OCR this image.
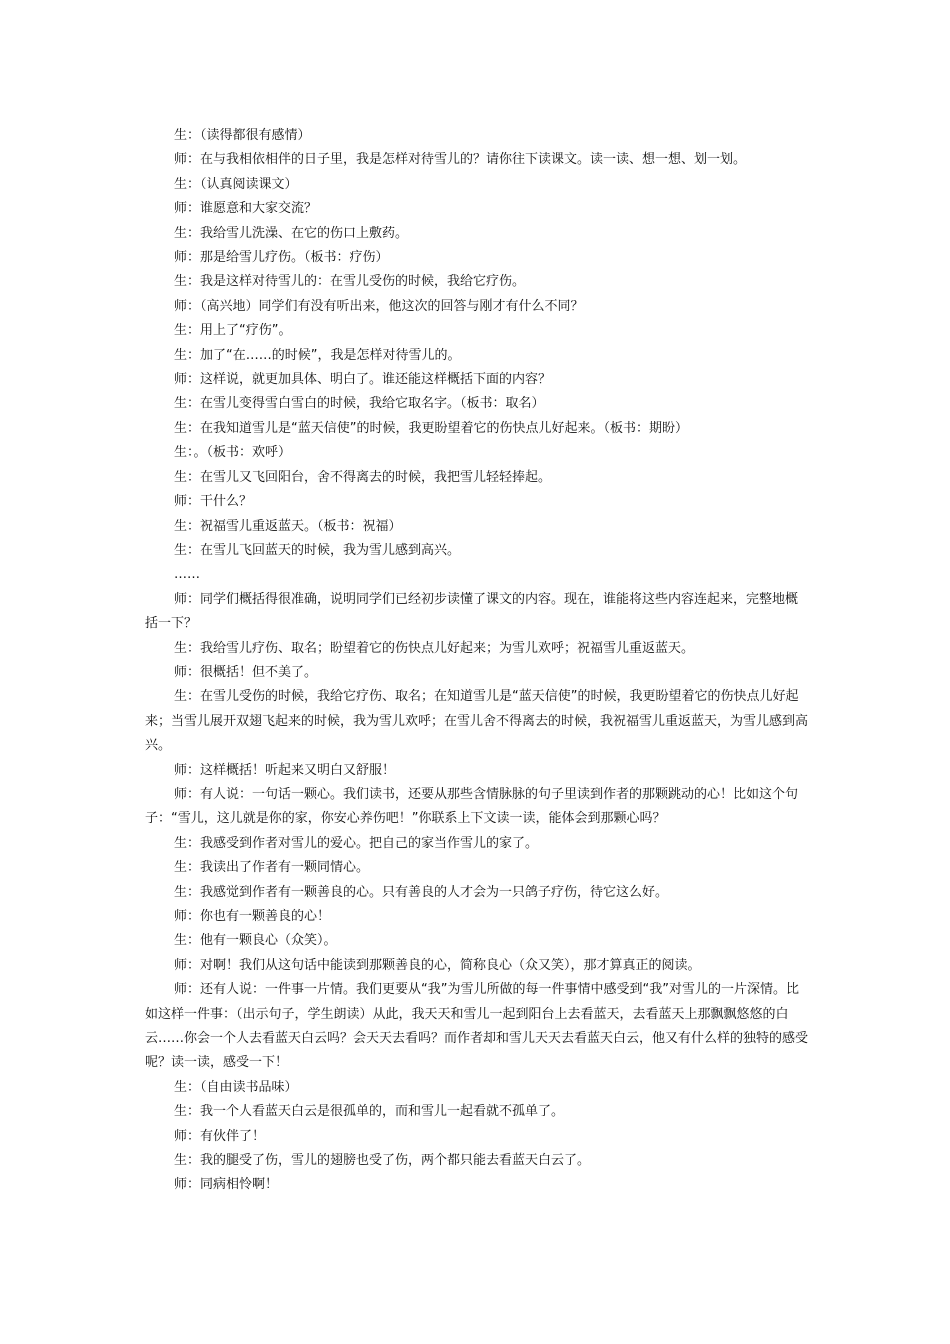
生：（读得都很有感情）

师：在与我相依相伴的日子里，我是怎样对待雪儿的？请你往下读课文。读一读、想一想、划一划。

生：（认真阅读课文）

师：谁愿意和大家交流？

生：我给雪儿洗澡、在它的伤口上敷药。

师：那是给雪儿疗伤。（板书：疗伤）

生：我是这样对待雪儿的：在雪儿受伤的时候，我给它疗伤。

师：（高兴地）同学们有没有听出来，他这次的回答与刚才有什么不同？

生：用上了“疗伤”。

生：加了“在……的时候”，我是怎样对待雪儿的。

师：这样说，就更加具体、明白了。谁还能这样概括下面的内容？

生：在雪儿变得雪白雪白的时候，我给它取名字。（板书：取名）

生：在我知道雪儿是“蓝天信使”的时候，我更盼望着它的伤快点儿好起来。（板书：期盼）

生：。（板书：欢呼）

生：在雪儿又飞回阳台，舍不得离去的时候，我把雪儿轻轻捧起。

师：干什么？

生：祝福雪儿重返蓝天。（板书：祝福）

生：在雪儿飞回蓝天的时候，我为雪儿感到高兴。

……

师：同学们概括得很准确，说明同学们已经初步读懂了课文的内容。现在，谁能将这些内容连起来，完整地概括一下？

生：我给雪儿疗伤、取名；盼望着它的伤快点儿好起来；为雪儿欢呼；祝福雪儿重返蓝天。

师：很概括！但不美了。

生：在雪儿受伤的时候，我给它疗伤、取名；在知道雪儿是“蓝天信使”的时候，我更盼望着它的伤快点儿好起来；当雪儿展开双翅飞起来的时候，我为雪儿欢呼；在雪儿舍不得离去的时候，我祝福雪儿重返蓝天，为雪儿感到高兴。

师：这样概括！听起来又明白又舒服！

师：有人说：一句话一颗心。我们读书，还要从那些含情脉脉的句子里读到作者的那颗跳动的心！比如这个句子：“雪儿，这儿就是你的家，你安心养伤吧！”你联系上下文读一读，能体会到那颗心吗？

生：我感受到作者对雪儿的爱心。把自己的家当作雪儿的家了。

生：我读出了作者有一颗同情心。

生：我感觉到作者有一颗善良的心。只有善良的人才会为一只鸽子疗伤，待它这么好。

师：你也有一颗善良的心！

生：他有一颗良心（众笑）。

师：对啊！我们从这句话中能读到那颗善良的心，简称良心（众又笑），那才算真正的阅读。

师：还有人说：一件事一片情。我们更要从“我”为雪儿所做的每一件事情中感受到“我”对雪儿的一片深情。比如这样一件事：（出示句子，学生朗读）从此，我天天和雪儿一起到阳台上去看蓝天，去看蓝天上那飘飘悠悠的白云……你会一个人去看蓝天白云吗？会天天去看吗？而作者却和雪儿天天去看蓝天白云，他又有什么样的独特的感受呢？读一读，感受一下！

生：（自由读书品味）

生：我一个人看蓝天白云是很孤单的，而和雪儿一起看就不孤单了。

师：有伙伴了！

生：我的腿受了伤，雪儿的翅膀也受了伤，两个都只能去看蓝天白云了。

师：同病相怜啊！
